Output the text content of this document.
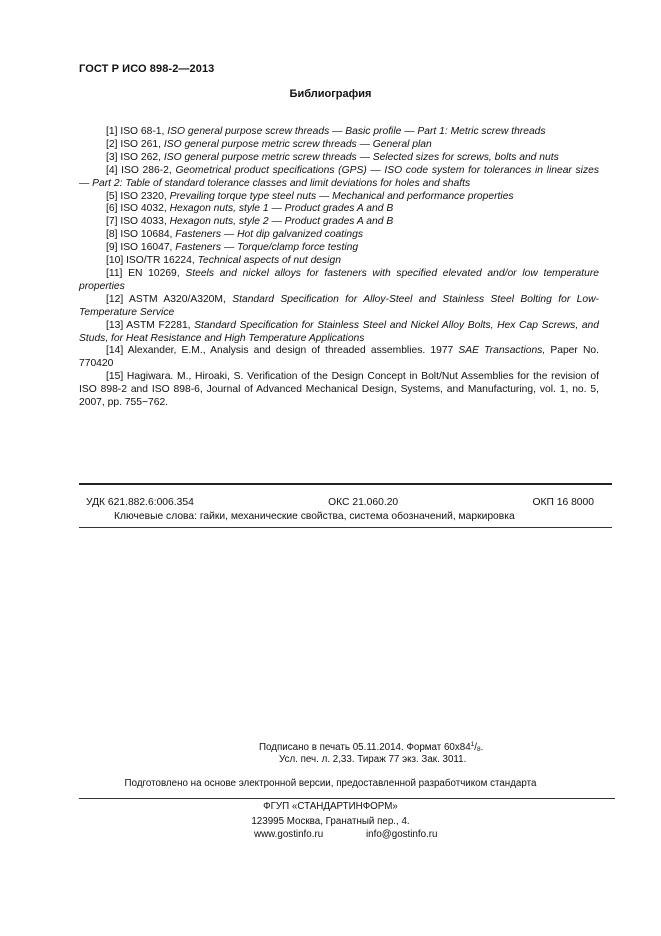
ГОСТ Р ИСО 898-2—2013
Библиография
[1] ISO 68-1, ISO general purpose screw threads — Basic profile — Part 1: Metric screw threads
[2] ISO 261, ISO general purpose metric screw threads — General plan
[3] ISO 262, ISO general purpose metric screw threads — Selected sizes for screws, bolts and nuts
[4] ISO 286-2, Geometrical product specifications (GPS) — ISO code system for tolerances in linear sizes — Part 2: Table of standard tolerance classes and limit deviations for holes and shafts
[5] ISO 2320, Prevailing torque type steel nuts — Mechanical and performance properties
[6] ISO 4032, Hexagon nuts, style 1 — Product grades A and B
[7] ISO 4033, Hexagon nuts, style 2 — Product grades A and B
[8] ISO 10684, Fasteners — Hot dip galvanized coatings
[9] ISO 16047, Fasteners — Torque/clamp force testing
[10] ISO/TR 16224, Technical aspects of nut design
[11] EN 10269, Steels and nickel alloys for fasteners with specified elevated and/or low temperature properties
[12] ASTM A320/A320M, Standard Specification for Alloy-Steel and Stainless Steel Bolting for Low-Temperature Service
[13] ASTM F2281, Standard Specification for Stainless Steel and Nickel Alloy Bolts, Hex Cap Screws, and Studs, for Heat Resistance and High Temperature Applications
[14] Alexander, E.M., Analysis and design of threaded assemblies. 1977 SAE Transactions, Paper No. 770420
[15] Hagiwara. M., Hiroaki, S. Verification of the Design Concept in Bolt/Nut Assemblies for the revision of ISO 898-2 and ISO 898-6, Journal of Advanced Mechanical Design, Systems, and Manufacturing, vol. 1, no. 5, 2007, pp. 755−762.
УДК 621.882.6:006.354	ОКС 21.060.20	ОКП 16 8000
Ключевые слова: гайки, механические свойства, система обозначений, маркировка
Подписано в печать 05.11.2014. Формат $60x84^1/_8$.
Усл. печ. л. 2,33. Тираж 77 экз. Зак. 3011.
Подготовлено на основе электронной версии, предоставленной разработчиком стандарта
ФГУП «СТАНДАРТИНФОРМ»
123995 Москва, Гранатный пер., 4.
www.gostinfo.ru	info@gostinfo.ru
